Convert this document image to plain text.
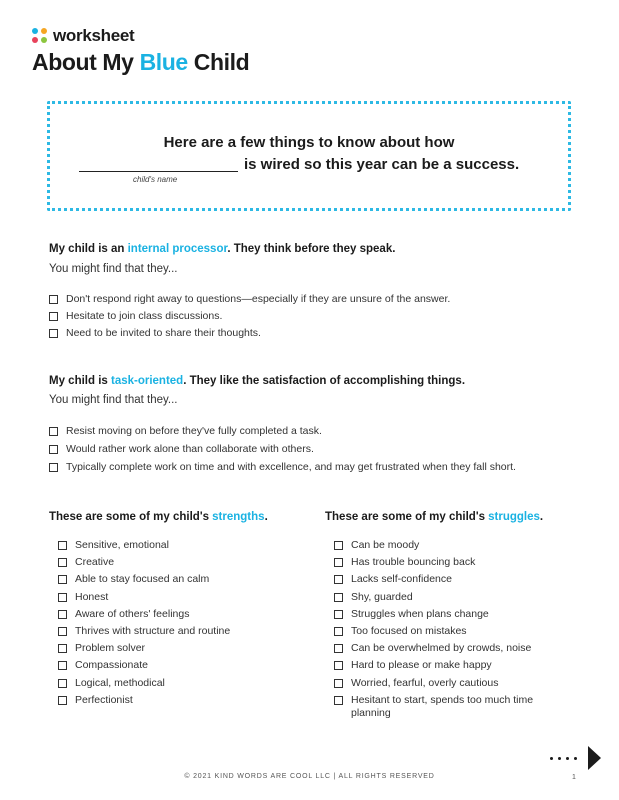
worksheet
About My Blue Child
Here are a few things to know about how
is wired so this year can be a success.
child's name
My child is an internal processor. They think before they speak.
You might find that they...
Don't respond right away to questions—especially if they are unsure of the answer.
Hesitate to join class discussions.
Need to be invited to share their thoughts.
My child is task-oriented. They like the satisfaction of accomplishing things.
You might find that they...
Resist moving on before they've fully completed a task.
Would rather work alone than collaborate with others.
Typically complete work on time and with excellence, and may get frustrated when they fall short.
These are some of my child's strengths.
Sensitive, emotional
Creative
Able to stay focused an calm
Honest
Aware of others' feelings
Thrives with structure and routine
Problem solver
Compassionate
Logical, methodical
Perfectionist
These are some of my child's struggles.
Can be moody
Has trouble bouncing back
Lacks self-confidence
Shy, guarded
Struggles when plans change
Too focused on mistakes
Can be overwhelmed by crowds, noise
Hard to please or make happy
Worried, fearful, overly cautious
Hesitant to start, spends too much time planning
© 2021 KIND WORDS ARE COOL LLC | ALL RIGHTS RESERVED	1
